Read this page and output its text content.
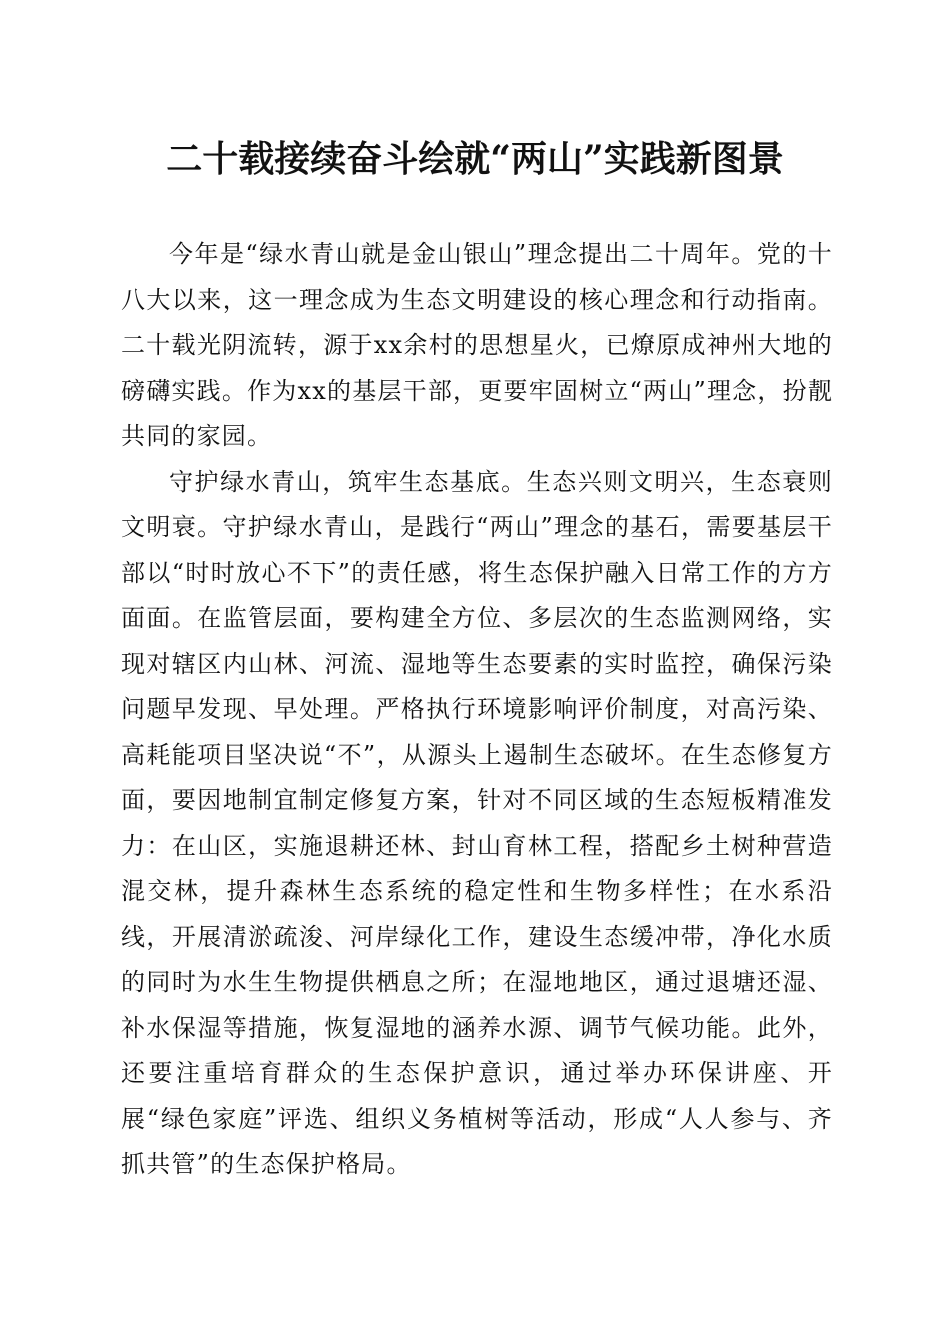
二十载接续奋斗绘就“两山”实践新图景

今年是“绿水青山就是金山银山”理念提出二十周年。党的十八大以来，这一理念成为生态文明建设的核心理念和行动指南。二十载光阴流转，源于xx余村的思想星火，已燎原成神州大地的磅礴实践。作为xx的基层干部，更要牢固树立“两山”理念，扮靓共同的家园。

守护绿水青山，筑牢生态基底。生态兴则文明兴，生态衰则文明衰。守护绿水青山，是践行“两山”理念的基石，需要基层干部以“时时放心不下”的责任感，将生态保护融入日常工作的方方面面。在监管层面，要构建全方位、多层次的生态监测网络，实现对辖区内山林、河流、湿地等生态要素的实时监控，确保污染问题早发现、早处理。严格执行环境影响评价制度，对高污染、高耗能项目坚决说“不”，从源头上遏制生态破坏。在生态修复方面，要因地制宜制定修复方案，针对不同区域的生态短板精准发力：在山区，实施退耕还林、封山育林工程，搭配乡土树种营造混交林，提升森林生态系统的稳定性和生物多样性；在水系沿线，开展清淤疏浚、河岸绿化工作，建设生态缓冲带，净化水质的同时为水生生物提供栖息之所；在湿地地区，通过退塘还湿、补水保湿等措施，恢复湿地的涵养水源、调节气候功能。此外，还要注重培育群众的生态保护意识，通过举办环保讲座、开展“绿色家庭”评选、组织义务植树等活动，形成“人人参与、齐抓共管”的生态保护格局。
